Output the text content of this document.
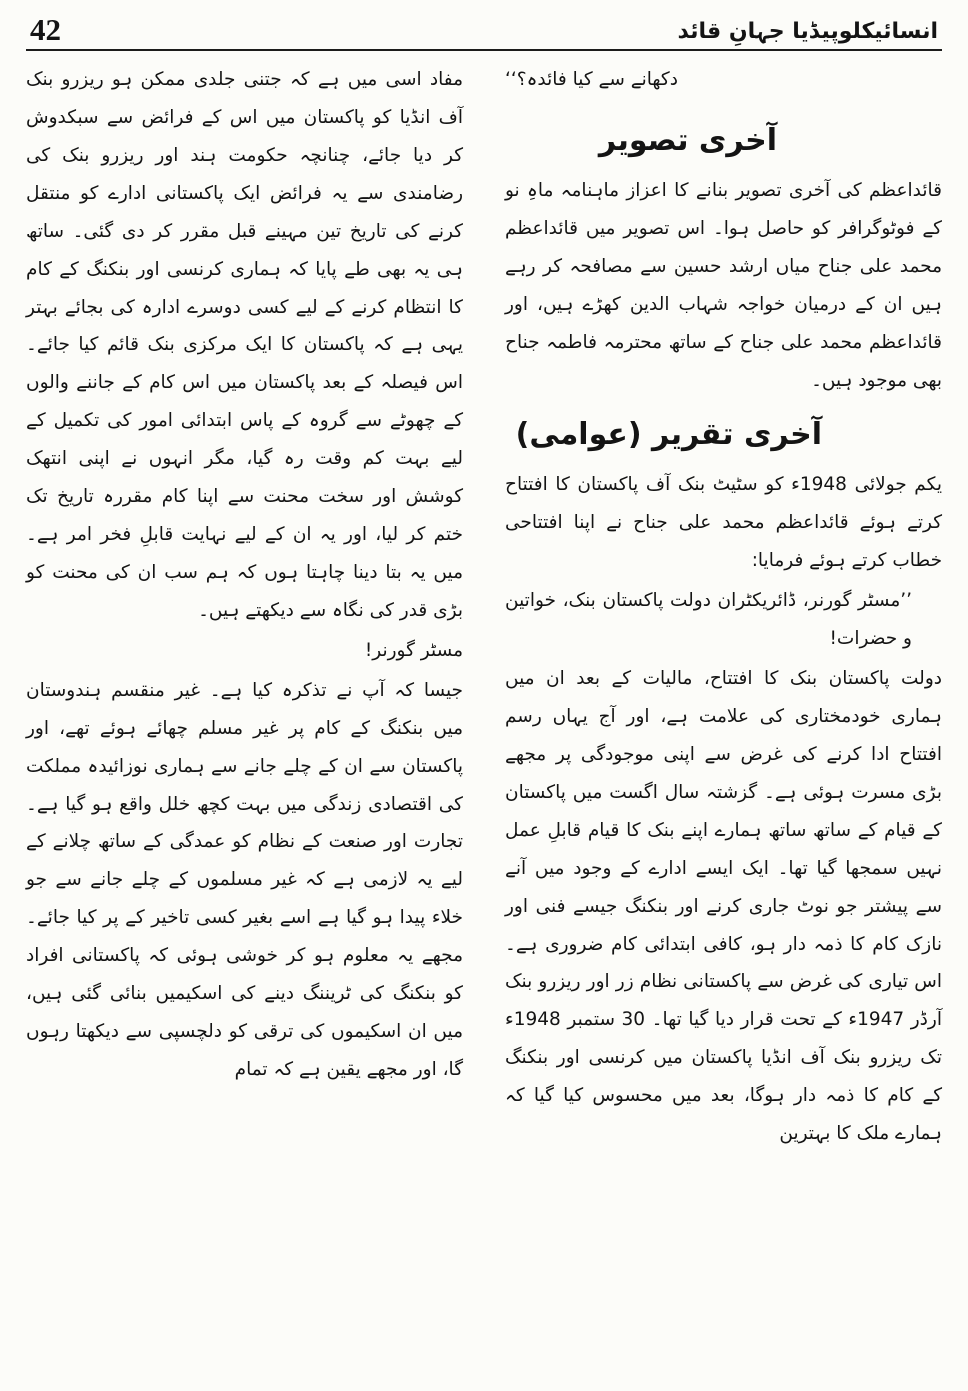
42	انسائیکلوپیڈیا جہانِ قائد

دکھانے سے کیا فائدہ؟‘‘

آخری تصویر

قائداعظم کی آخری تصویر بنانے کا اعزاز ماہنامہ ماہِ نو کے فوٹوگرافر کو حاصل ہوا۔ اس تصویر میں قائداعظم محمد علی جناح میاں ارشد حسین سے مصافحہ کر رہے ہیں ان کے درمیان خواجہ شہاب الدین کھڑے ہیں، اور قائداعظم محمد علی جناح کے ساتھ محترمہ فاطمہ جناح بھی موجود ہیں۔

آخری تقریر (عوامی)

یکم جولائی 1948ء کو سٹیٹ بنک آف پاکستان کا افتتاح کرتے ہوئے قائداعظم محمد علی جناح نے اپنا افتتاحی خطاب کرتے ہوئے فرمایا:

’’مسٹر گورنر، ڈائریکٹران دولت پاکستان بنک، خواتین و حضرات!

دولت پاکستان بنک کا افتتاح، مالیات کے بعد ان میں ہماری خودمختاری کی علامت ہے، اور آج یہاں رسم افتتاح ادا کرنے کی غرض سے اپنی موجودگی پر مجھے بڑی مسرت ہوئی ہے۔ گزشتہ سال اگست میں پاکستان کے قیام کے ساتھ ساتھ ہمارے اپنے بنک کا قیام قابلِ عمل نہیں سمجھا گیا تھا۔ ایک ایسے ادارے کے وجود میں آنے سے پیشتر جو نوٹ جاری کرنے اور بنکنگ جیسے فنی اور نازک کام کا ذمہ دار ہو، کافی ابتدائی کام ضروری ہے۔ اس تیاری کی غرض سے پاکستانی نظام زر اور ریزرو بنک آرڈر 1947ء کے تحت قرار دیا گیا تھا۔ 30 ستمبر 1948ء تک ریزرو بنک آف انڈیا پاکستان میں کرنسی اور بنکنگ کے کام کا ذمہ دار ہوگا، بعد میں محسوس کیا گیا کہ ہمارے ملک کا بہترین

مفاد اسی میں ہے کہ جتنی جلدی ممکن ہو ریزرو بنک آف انڈیا کو پاکستان میں اس کے فرائض سے سبکدوش کر دیا جائے، چنانچہ حکومت ہند اور ریزرو بنک کی رضامندی سے یہ فرائض ایک پاکستانی ادارے کو منتقل کرنے کی تاریخ تین مہینے قبل مقرر کر دی گئی۔ ساتھ ہی یہ بھی طے پایا کہ ہماری کرنسی اور بنکنگ کے کام کا انتظام کرنے کے لیے کسی دوسرے ادارہ کی بجائے بہتر یہی ہے کہ پاکستان کا ایک مرکزی بنک قائم کیا جائے۔ اس فیصلہ کے بعد پاکستان میں اس کام کے جاننے والوں کے چھوٹے سے گروہ کے پاس ابتدائی امور کی تکمیل کے لیے بہت کم وقت رہ گیا، مگر انہوں نے اپنی انتھک کوشش اور سخت محنت سے اپنا کام مقررہ تاریخ تک ختم کر لیا، اور یہ ان کے لیے نہایت قابلِ فخر امر ہے۔ میں یہ بتا دینا چاہتا ہوں کہ ہم سب ان کی محنت کو بڑی قدر کی نگاہ سے دیکھتے ہیں۔

مسٹر گورنر!

جیسا کہ آپ نے تذکرہ کیا ہے۔ غیر منقسم ہندوستان میں بنکنگ کے کام پر غیر مسلم چھائے ہوئے تھے، اور پاکستان سے ان کے چلے جانے سے ہماری نوزائیدہ مملکت کی اقتصادی زندگی میں بہت کچھ خلل واقع ہو گیا ہے۔ تجارت اور صنعت کے نظام کو عمدگی کے ساتھ چلانے کے لیے یہ لازمی ہے کہ غیر مسلموں کے چلے جانے سے جو خلاء پیدا ہو گیا ہے اسے بغیر کسی تاخیر کے پر کیا جائے۔ مجھے یہ معلوم ہو کر خوشی ہوئی کہ پاکستانی افراد کو بنکنگ کی ٹریننگ دینے کی اسکیمیں بنائی گئی ہیں، میں ان اسکیموں کی ترقی کو دلچسپی سے دیکھتا رہوں گا، اور مجھے یقین ہے کہ تمام
